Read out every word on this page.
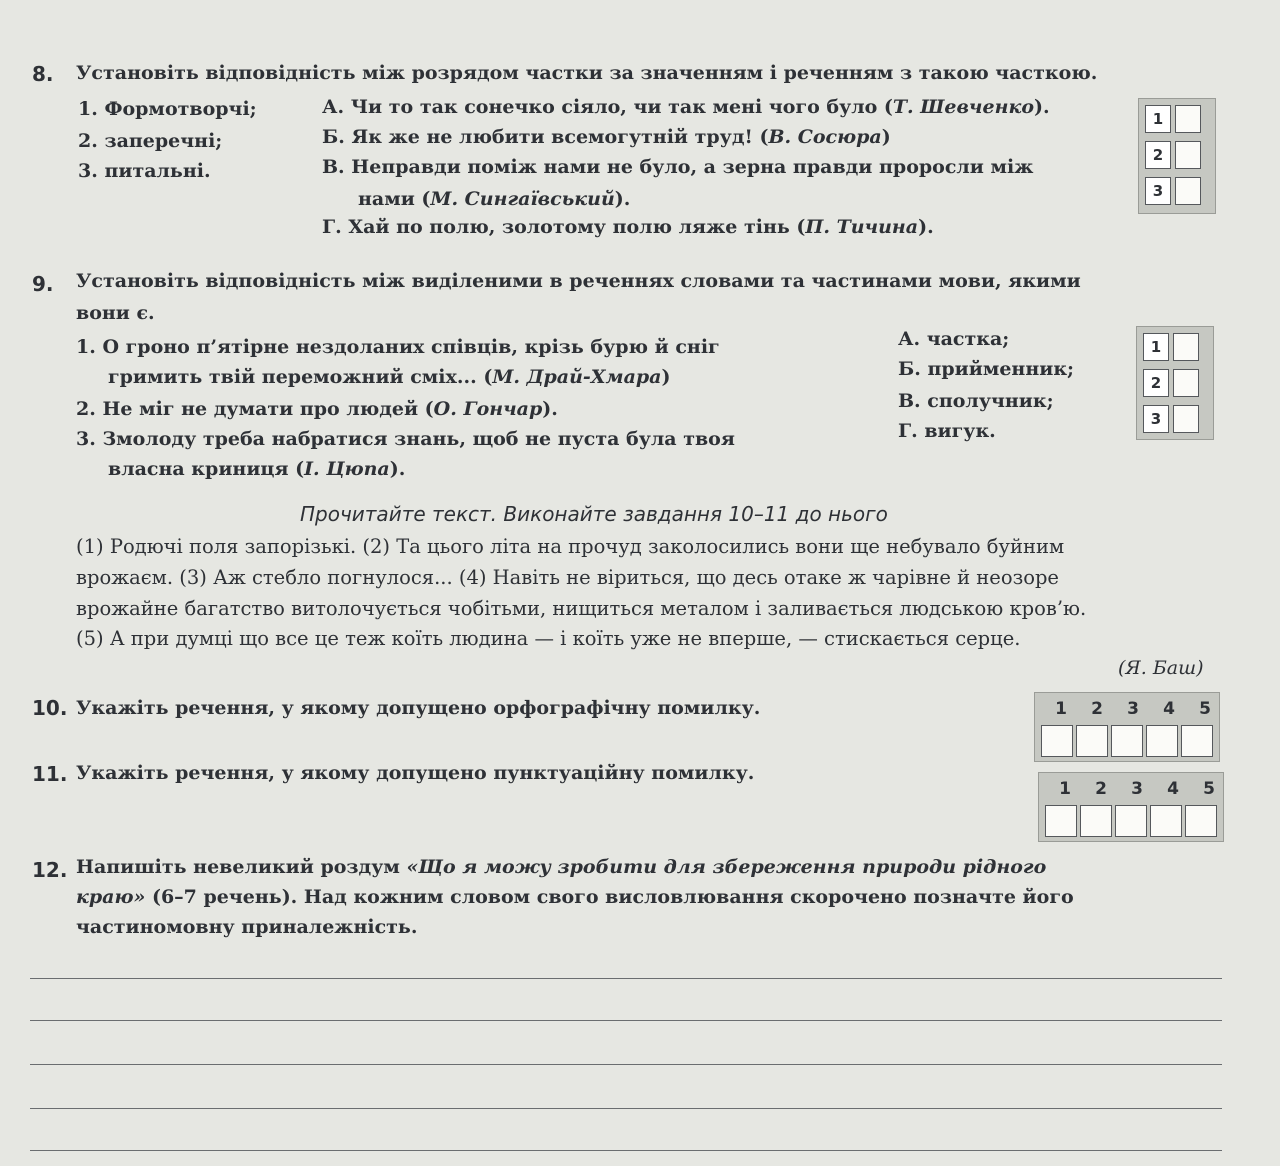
8. Установіть відповідність між розрядом частки за значенням і реченням з такою часткою.
1. Формотворчі;
2. заперечні;
3. питальні.
А. Чи то так сонечко сіяло, чи так мені чого було (Т. Шевченко).
Б. Як же не любити всемогутній труд! (В. Сосюра)
В. Неправди поміж нами не було, а зерна правди проросли між
нами (М. Сингаївський).
Г. Хай по полю, золотому полю ляже тінь (П. Тичина).
1
2
3
9. Установіть відповідність між виділеними в реченнях словами та частинами мови, якими
вони є.
1. О гроно п’ятірне нездоланих співців, крізь бурю й сніг
гримить твій переможний сміх... (М. Драй-Хмара)
2. Не міг не думати про людей (О. Гончар).
3. Змолоду треба набратися знань, щоб не пуста була твоя
власна криниця (І. Цюпа).
А. частка;
Б. прийменник;
В. сполучник;
Г. вигук.
1
2
3
Прочитайте текст. Виконайте завдання 10–11 до нього
(1) Родючі поля запорізькі. (2) Та цього літа на прочуд заколосились вони ще небувало буйним
врожаєм. (3) Аж стебло погнулося... (4) Навіть не віриться, що десь отаке ж чарівне й неозоре
врожайне багатство витолочується чобітьми, нищиться металом і заливається людською кров’ю.
(5) А при думці що все це теж коїть людина — і коїть уже не вперше, — стискається серце.
(Я. Баш)
10. Укажіть речення, у якому допущено орфографічну помилку.	1	2	3	4	5
11. Укажіть речення, у якому допущено пунктуаційну помилку.
1	2	3	4	5
12. Напишіть невеликий роздум «Що я можу зробити для збереження природи рідного
краю» (6–7 речень). Над кожним словом свого висловлювання скорочено позначте його
частиномовну приналежність.
